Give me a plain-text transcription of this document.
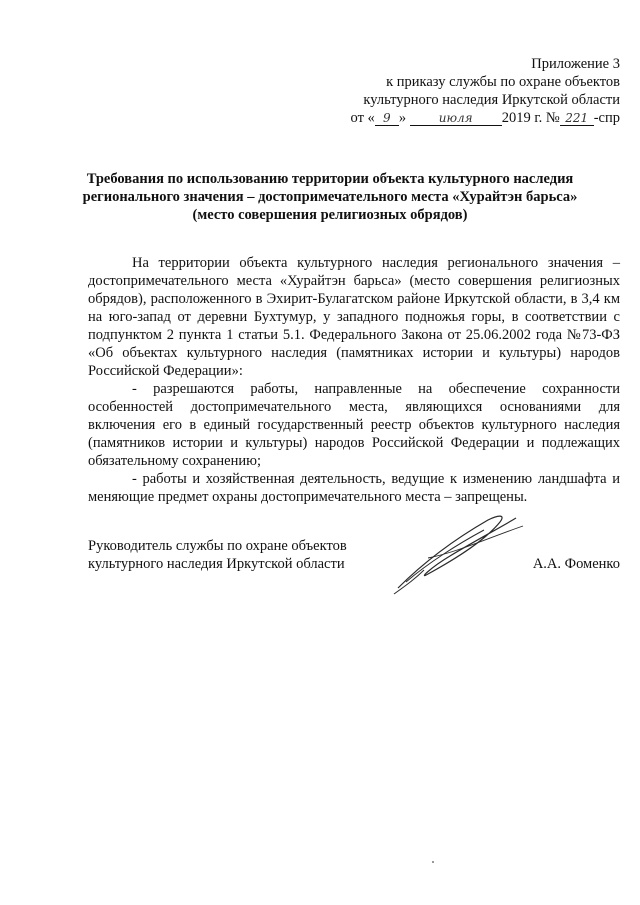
Приложение 3
к приказу службы по охране объектов
культурного наследия Иркутской области
от « 9 »	июля 2019 г. № 221 -спр
Требования по использованию территории объекта культурного наследия
регионального значения – достопримечательного места «Хурайтэн барьса»
(место совершения религиозных обрядов)

На территории объекта культурного наследия регионального значения – достопримечательного места «Хурайтэн барьса» (место совершения религиозных обрядов), расположенного в Эхирит-Булагатском районе Иркутской области, в 3,4 км на юго-запад от деревни Бухтумур, у западного подножья горы, в соответствии с подпунктом 2 пункта 1 статьи 5.1. Федерального Закона от 25.06.2002 года №73-ФЗ «Об объектах культурного наследия (памятниках истории и культуры) народов Российской Федерации»:

- разрешаются работы, направленные на обеспечение сохранности особенностей достопримечательного места, являющихся основаниями для включения его в единый государственный реестр объектов культурного наследия (памятников истории и культуры) народов Российской Федерации и подлежащих обязательному сохранению;

- работы и хозяйственная деятельность, ведущие к изменению ландшафта и меняющие предмет охраны достопримечательного места – запрещены.

Руководитель службы по охране объектов
культурного наследия Иркутской области	А.А. Фоменко
